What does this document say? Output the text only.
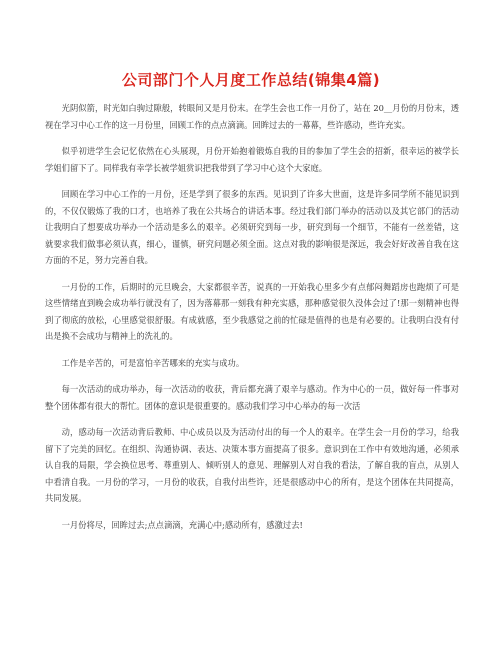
公司部门个人月度工作总结(锦集4篇)

光阴似箭，时光如白驹过隙般，转眼间又是月份末。在学生会也工作一月份了，站在 20__月份的月份末，透视在学习中心工作的这一月份里，回顾工作的点点滴滴。回眸过去的一幕幕，些许感动，些许充实。

似乎初进学生会记忆依然在心头展现，月份开始抱着锻炼自我的目的参加了学生会的招新，很幸运的被学长学姐们留下了。同样我有幸学长被学姐赏识把我带到了学习中心这个大家庭。

回顾在学习中心工作的一月份，还是学到了很多的东西。见识到了许多大世面，这是许多同学所不能见识到的，不仅仅锻炼了我的口才，也培养了我在公共场合的讲话本事。经过我们部门举办的活动以及其它部门的活动让我明白了想要成功举办一个活动是多么的艰辛。必须研究到每一步，研究到每一个细节，不能有一丝差错，这就要求我们做事必须认真，细心，谨慎，研究问题必须全面。这点对我的影响很是深远，我会好好改善自我在这方面的不足，努力完善自我。

一月份的工作，后期时的元旦晚会，大家都很辛苦，说真的一开始我心里多少有点郁闷舞蹈房也跑烦了可是这些情绪直到晚会成功举行就没有了，因为落幕那一刻我有种充实感，那种感觉很久没体会过了!那一刻精神也得到了彻底的放松，心里感觉很舒服。有成就感，至少我感觉之前的忙碌是值得的也是有必要的。让我明白没有付出是换不会成功与精神上的洗礼的。

工作是辛苦的，可是富怕辛苦哪来的充实与成功。

每一次活动的成功举办，每一次活动的收获，背后都充满了艰辛与感动。作为中心的一员，做好每一件事对整个团体都有很大的帮忙。团体的意识是很重要的。感动我们学习中心举办的每一次活

动，感动每一次活动背后教师、中心成员以及为活动付出的每一个人的艰辛。在学生会一月份的学习，给我留下了完美的回忆。在组织、沟通协调、表达、决策本事方面提高了很多。意识到在工作中有效地沟通，必须承认自我的局限，学会换位思考、尊重别人、倾听别人的意见、理解别人对自我的看法，了解自我的盲点，从别人中看清自我。一月份的学习，一月份的收获，自我付出些许，还是很感动中心的所有，是这个团体在共同提高，共同发展。

一月份将尽，回眸过去;点点滴滴，充满心中;感动所有，感激过去!
